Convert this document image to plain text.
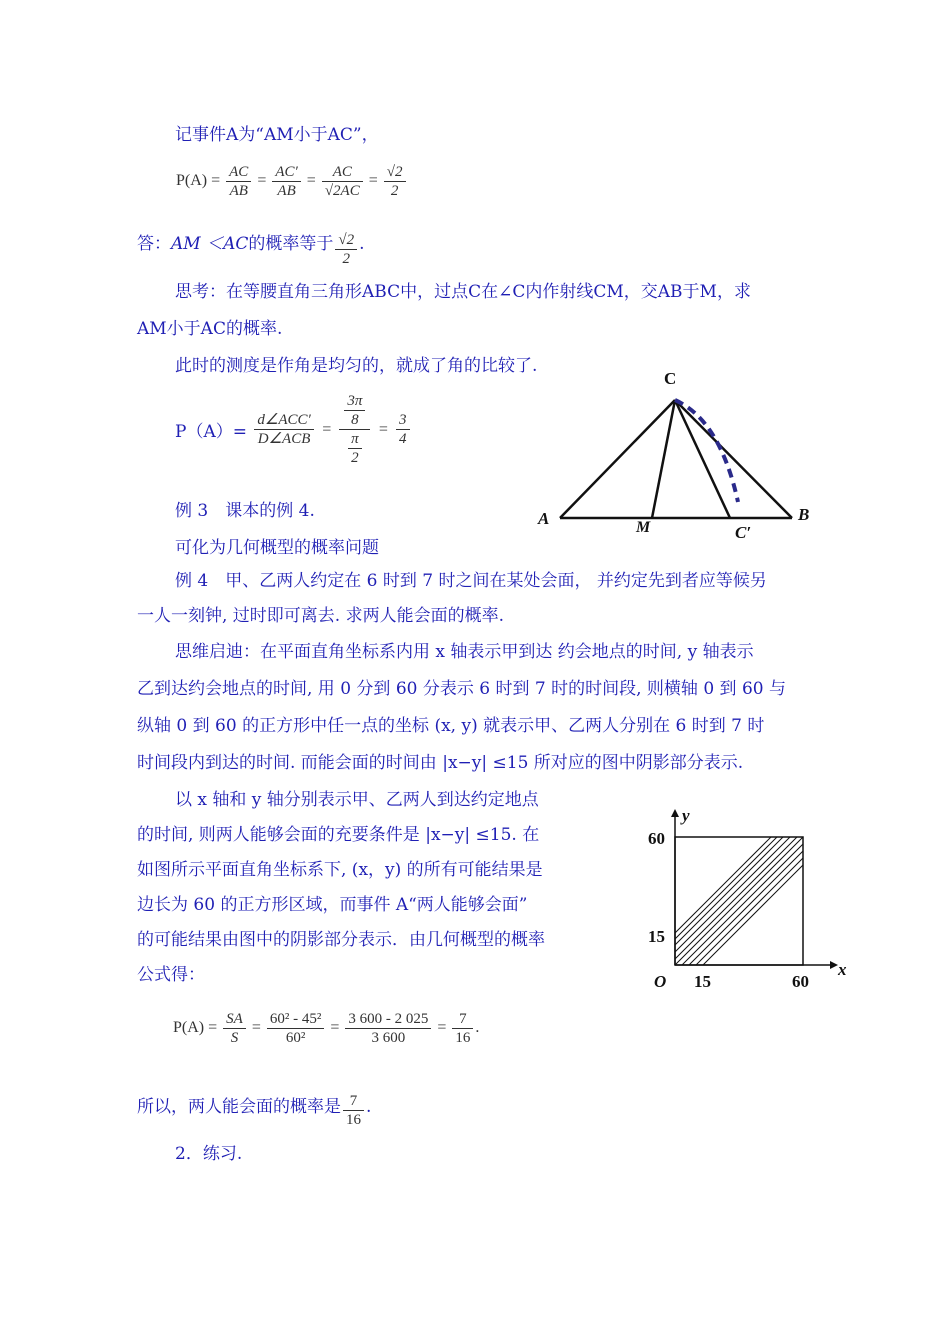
记事件A为“AM小于AC”，
$P(A) = \frac{AC}{AB} = \frac{AC'}{AB} = \frac{AC}{√2AC} = \frac{√2}{2}$
答：AM ＜AC的概率等于 $\frac{√2}{2}$ .
思考：在等腰直角三角形ABC中，过点C在∠C内作射线CM，交AB于M，求
AM小于AC的概率.
此时的测度是作角是均匀的，就成了角的比较了.
$P(A)= \frac{\text{d∠ACC′}}{\text{D∠ACB}} = \frac{\frac{3\pi}{8}}{\frac{\pi}{2}} = \frac{3}{4}$
例 3　课本的例 4.
可化为几何概型的概率问题
例 4　甲、乙两人约定在 6 时到 7 时之间在某处会面， 并约定先到者应等候另
一人一刻钟, 过时即可离去. 求两人能会面的概率.
思维启迪：在平面直角坐标系内用 x 轴表示甲到达 约会地点的时间, y 轴表示
乙到达约会地点的时间, 用 0 分到 60 分表示 6 时到 7 时的时间段, 则横轴 0 到 60 与
纵轴 0 到 60 的正方形中任一点的坐标 (x, y) 就表示甲、乙两人分别在 6 时到 7 时
时间段内到达的时间. 而能会面的时间由 |x−y| ≤15 所对应的图中阴影部分表示.
以 x 轴和 y 轴分别表示甲、乙两人到达约定地点
的时间, 则两人能够会面的充要条件是 |x−y| ≤15. 在
如图所示平面直角坐标系下, (x，y) 的所有可能结果是
边长为 60 的正方形区域，而事件 A“两人能够会面”
的可能结果由图中的阴影部分表示．由几何概型的概率
公式得：
$P(A) = \frac{SA}{S} = \frac{\text{60² - 45²}}{\text{60²}} = \frac{3 600 - 2 025}{3 600} = \frac{7}{16}$ .
所以，两人能会面的概率是 $\frac{7}{16}$ .
2．练习.
C
A	B
M	C′
y
x
O
60
15
15	60
